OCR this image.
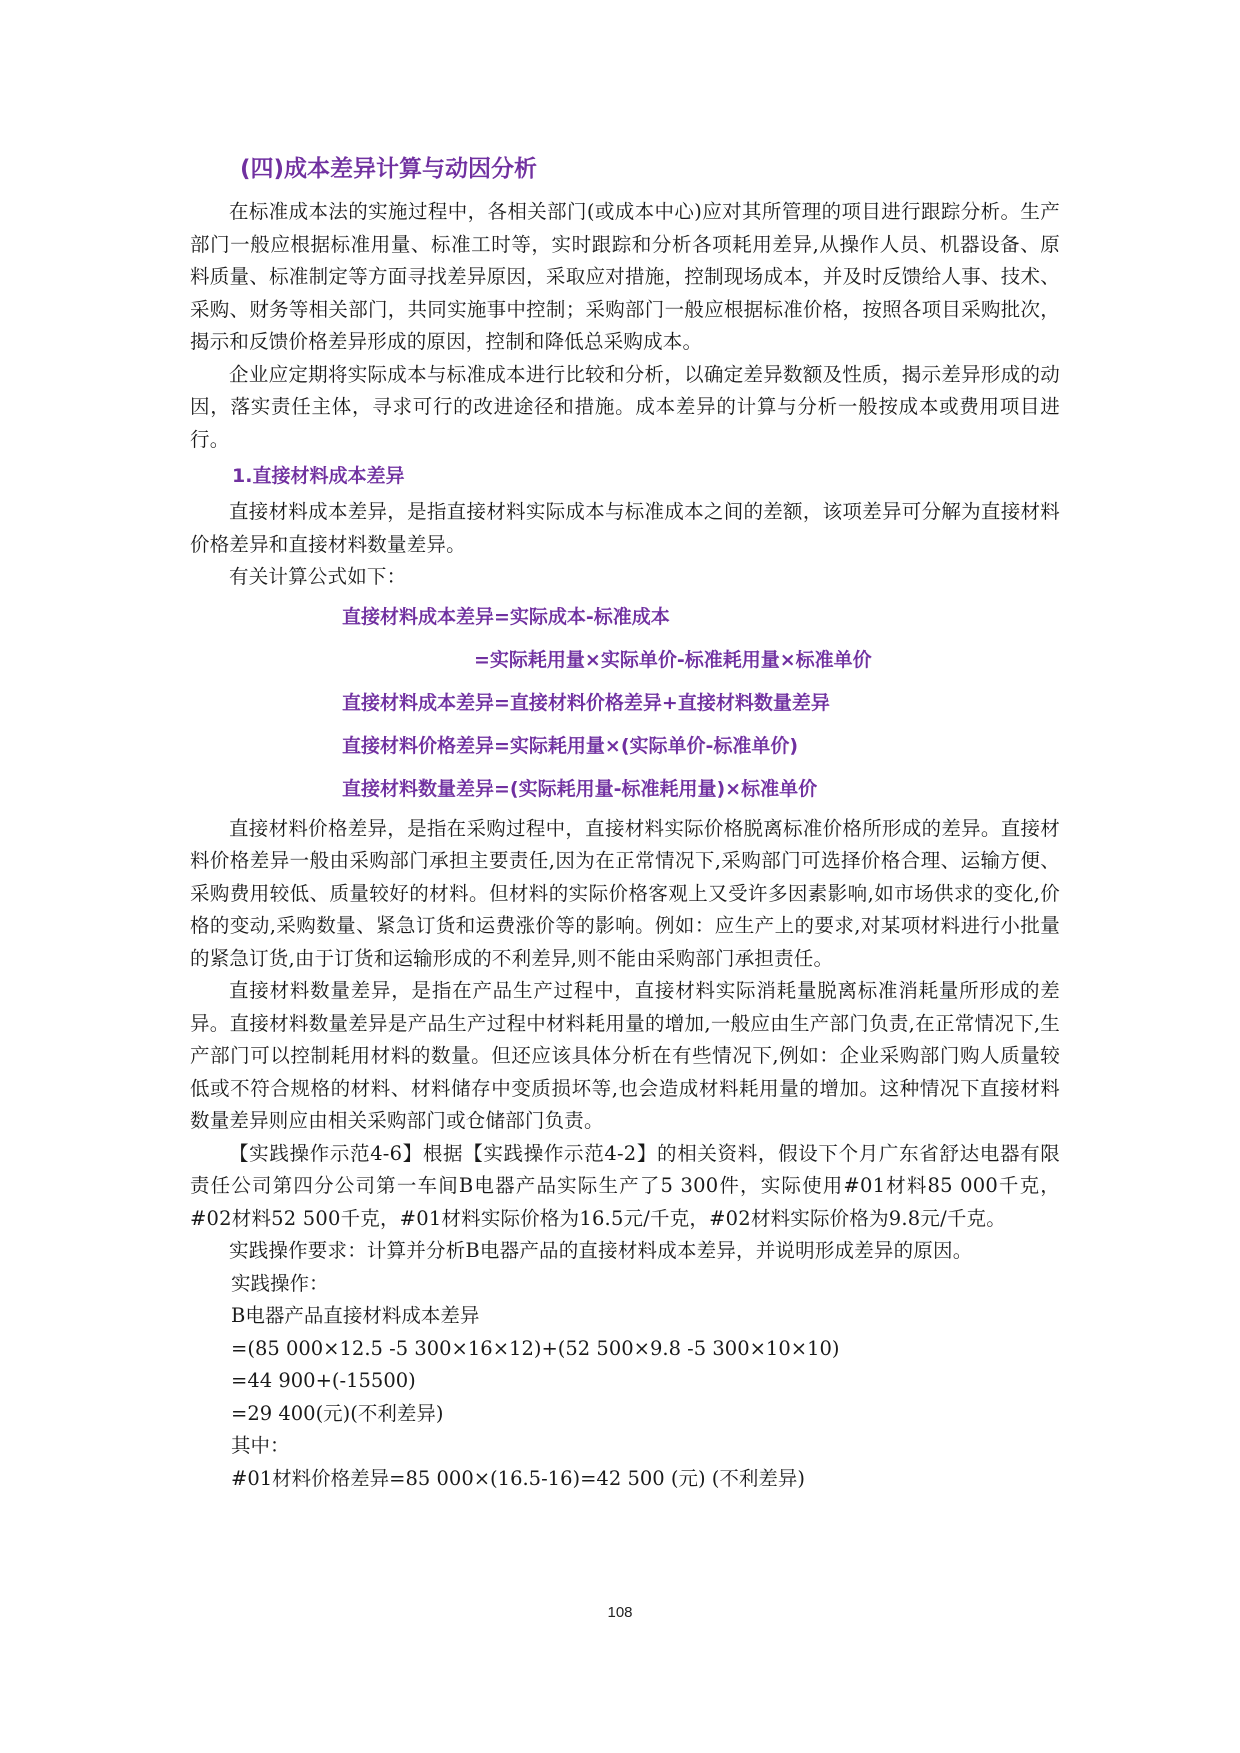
(四)成本差异计算与动因分析

在标准成本法的实施过程中，各相关部门(或成本中心)应对其所管理的项目进行跟踪分析。生产部门一般应根据标准用量、标准工时等，实时跟踪和分析各项耗用差异,从操作人员、机器设备、原料质量、标准制定等方面寻找差异原因，采取应对措施，控制现场成本，并及时反馈给人事、技术、采购、财务等相关部门，共同实施事中控制；采购部门一般应根据标准价格，按照各项目采购批次，揭示和反馈价格差异形成的原因，控制和降低总采购成本。

企业应定期将实际成本与标准成本进行比较和分析，以确定差异数额及性质，揭示差异形成的动因，落实责任主体，寻求可行的改进途径和措施。成本差异的计算与分析一般按成本或费用项目进行。

1.直接材料成本差异

直接材料成本差异，是指直接材料实际成本与标准成本之间的差额，该项差异可分解为直接材料价格差异和直接材料数量差异。

有关计算公式如下：

直接材料成本差异=实际成本-标准成本
=实际耗用量×实际单价-标准耗用量×标准单价
直接材料成本差异=直接材料价格差异+直接材料数量差异
直接材料价格差异=实际耗用量×(实际单价-标准单价)
直接材料数量差异=(实际耗用量-标准耗用量)×标准单价

直接材料价格差异，是指在采购过程中，直接材料实际价格脱离标准价格所形成的差异。直接材料价格差异一般由采购部门承担主要责任,因为在正常情况下,采购部门可选择价格合理、运输方便、采购费用较低、质量较好的材料。但材料的实际价格客观上又受许多因素影响,如市场供求的变化,价格的变动,采购数量、紧急订货和运费涨价等的影响。例如：应生产上的要求,对某项材料进行小批量的紧急订货,由于订货和运输形成的不利差异,则不能由采购部门承担责任。

直接材料数量差异，是指在产品生产过程中，直接材料实际消耗量脱离标准消耗量所形成的差异。直接材料数量差异是产品生产过程中材料耗用量的增加,一般应由生产部门负责,在正常情况下,生产部门可以控制耗用材料的数量。但还应该具体分析在有些情况下,例如：企业采购部门购人质量较低或不符合规格的材料、材料储存中变质损坏等,也会造成材料耗用量的增加。这种情况下直接材料数量差异则应由相关采购部门或仓储部门负责。

【实践操作示范4-6】根据【实践操作示范4-2】的相关资料，假设下个月广东省舒达电器有限责任公司第四分公司第一车间B电器产品实际生产了5 300件，实际使用#01材料85 000千克，#02材料52 500千克，#01材料实际价格为16.5元/千克，#02材料实际价格为9.8元/千克。

实践操作要求：计算并分析B电器产品的直接材料成本差异，并说明形成差异的原因。

实践操作：

B电器产品直接材料成本差异

=(85 000×12.5 -5 300×16×12)+(52 500×9.8 -5 300×10×10)

=44 900+(-15500)

=29 400(元)(不利差异)

其中：

#01材料价格差异=85 000×(16.5-16)=42 500 (元) (不利差异)

108
